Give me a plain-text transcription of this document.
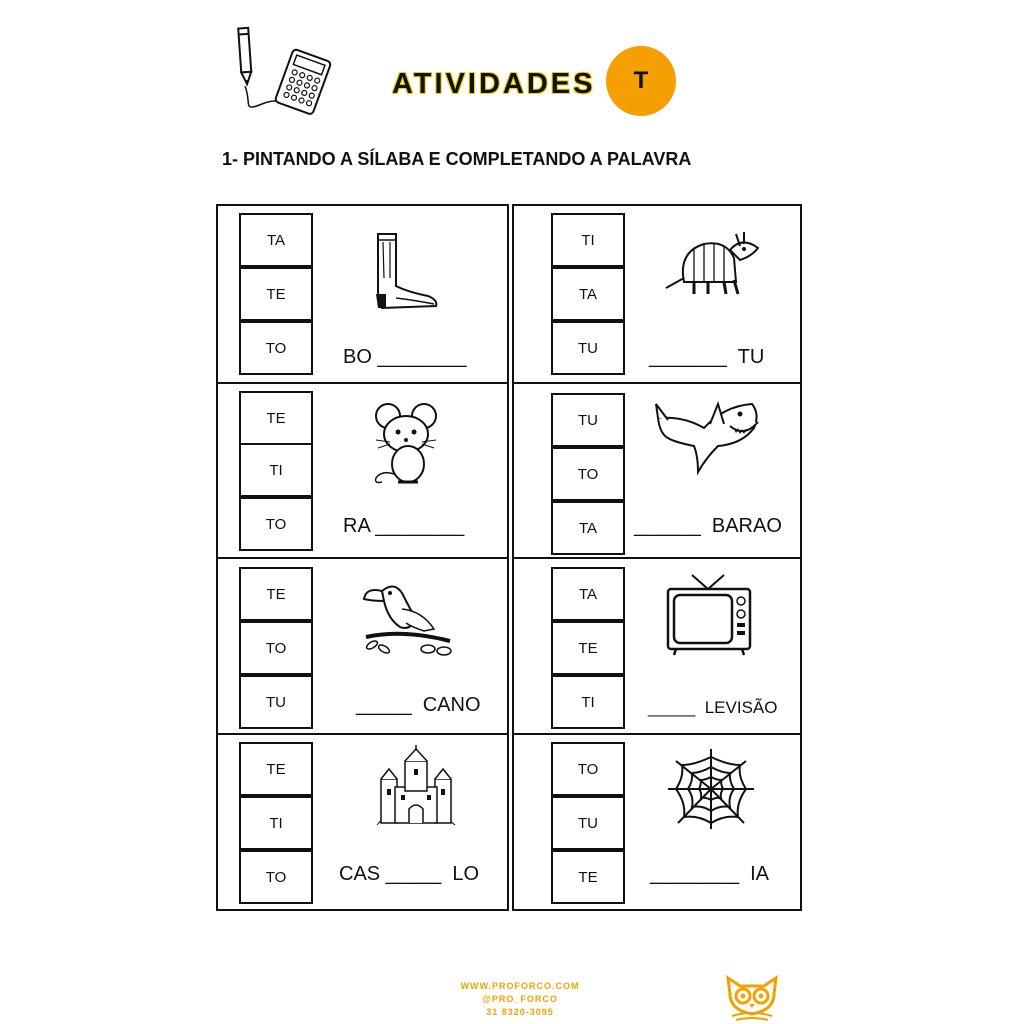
ATIVIDADES T
1- PINTANDO A SÍLABA E COMPLETANDO A PALAVRA
TA
TE
TO	BO ________
TI
TA
TU	_______  TU
TE
TI
TO	RA ________
TU
TO
TA	______  BARAO
TE
TO
TU	_____  CANO
TA
TE
TI	_____  LEVISÃO
TE
TI
TO	CAS _____  LO
TO
TU
TE	________  IA
WWW.PROFORCO.COM
@PRO_FORCO
31 8320-3095
